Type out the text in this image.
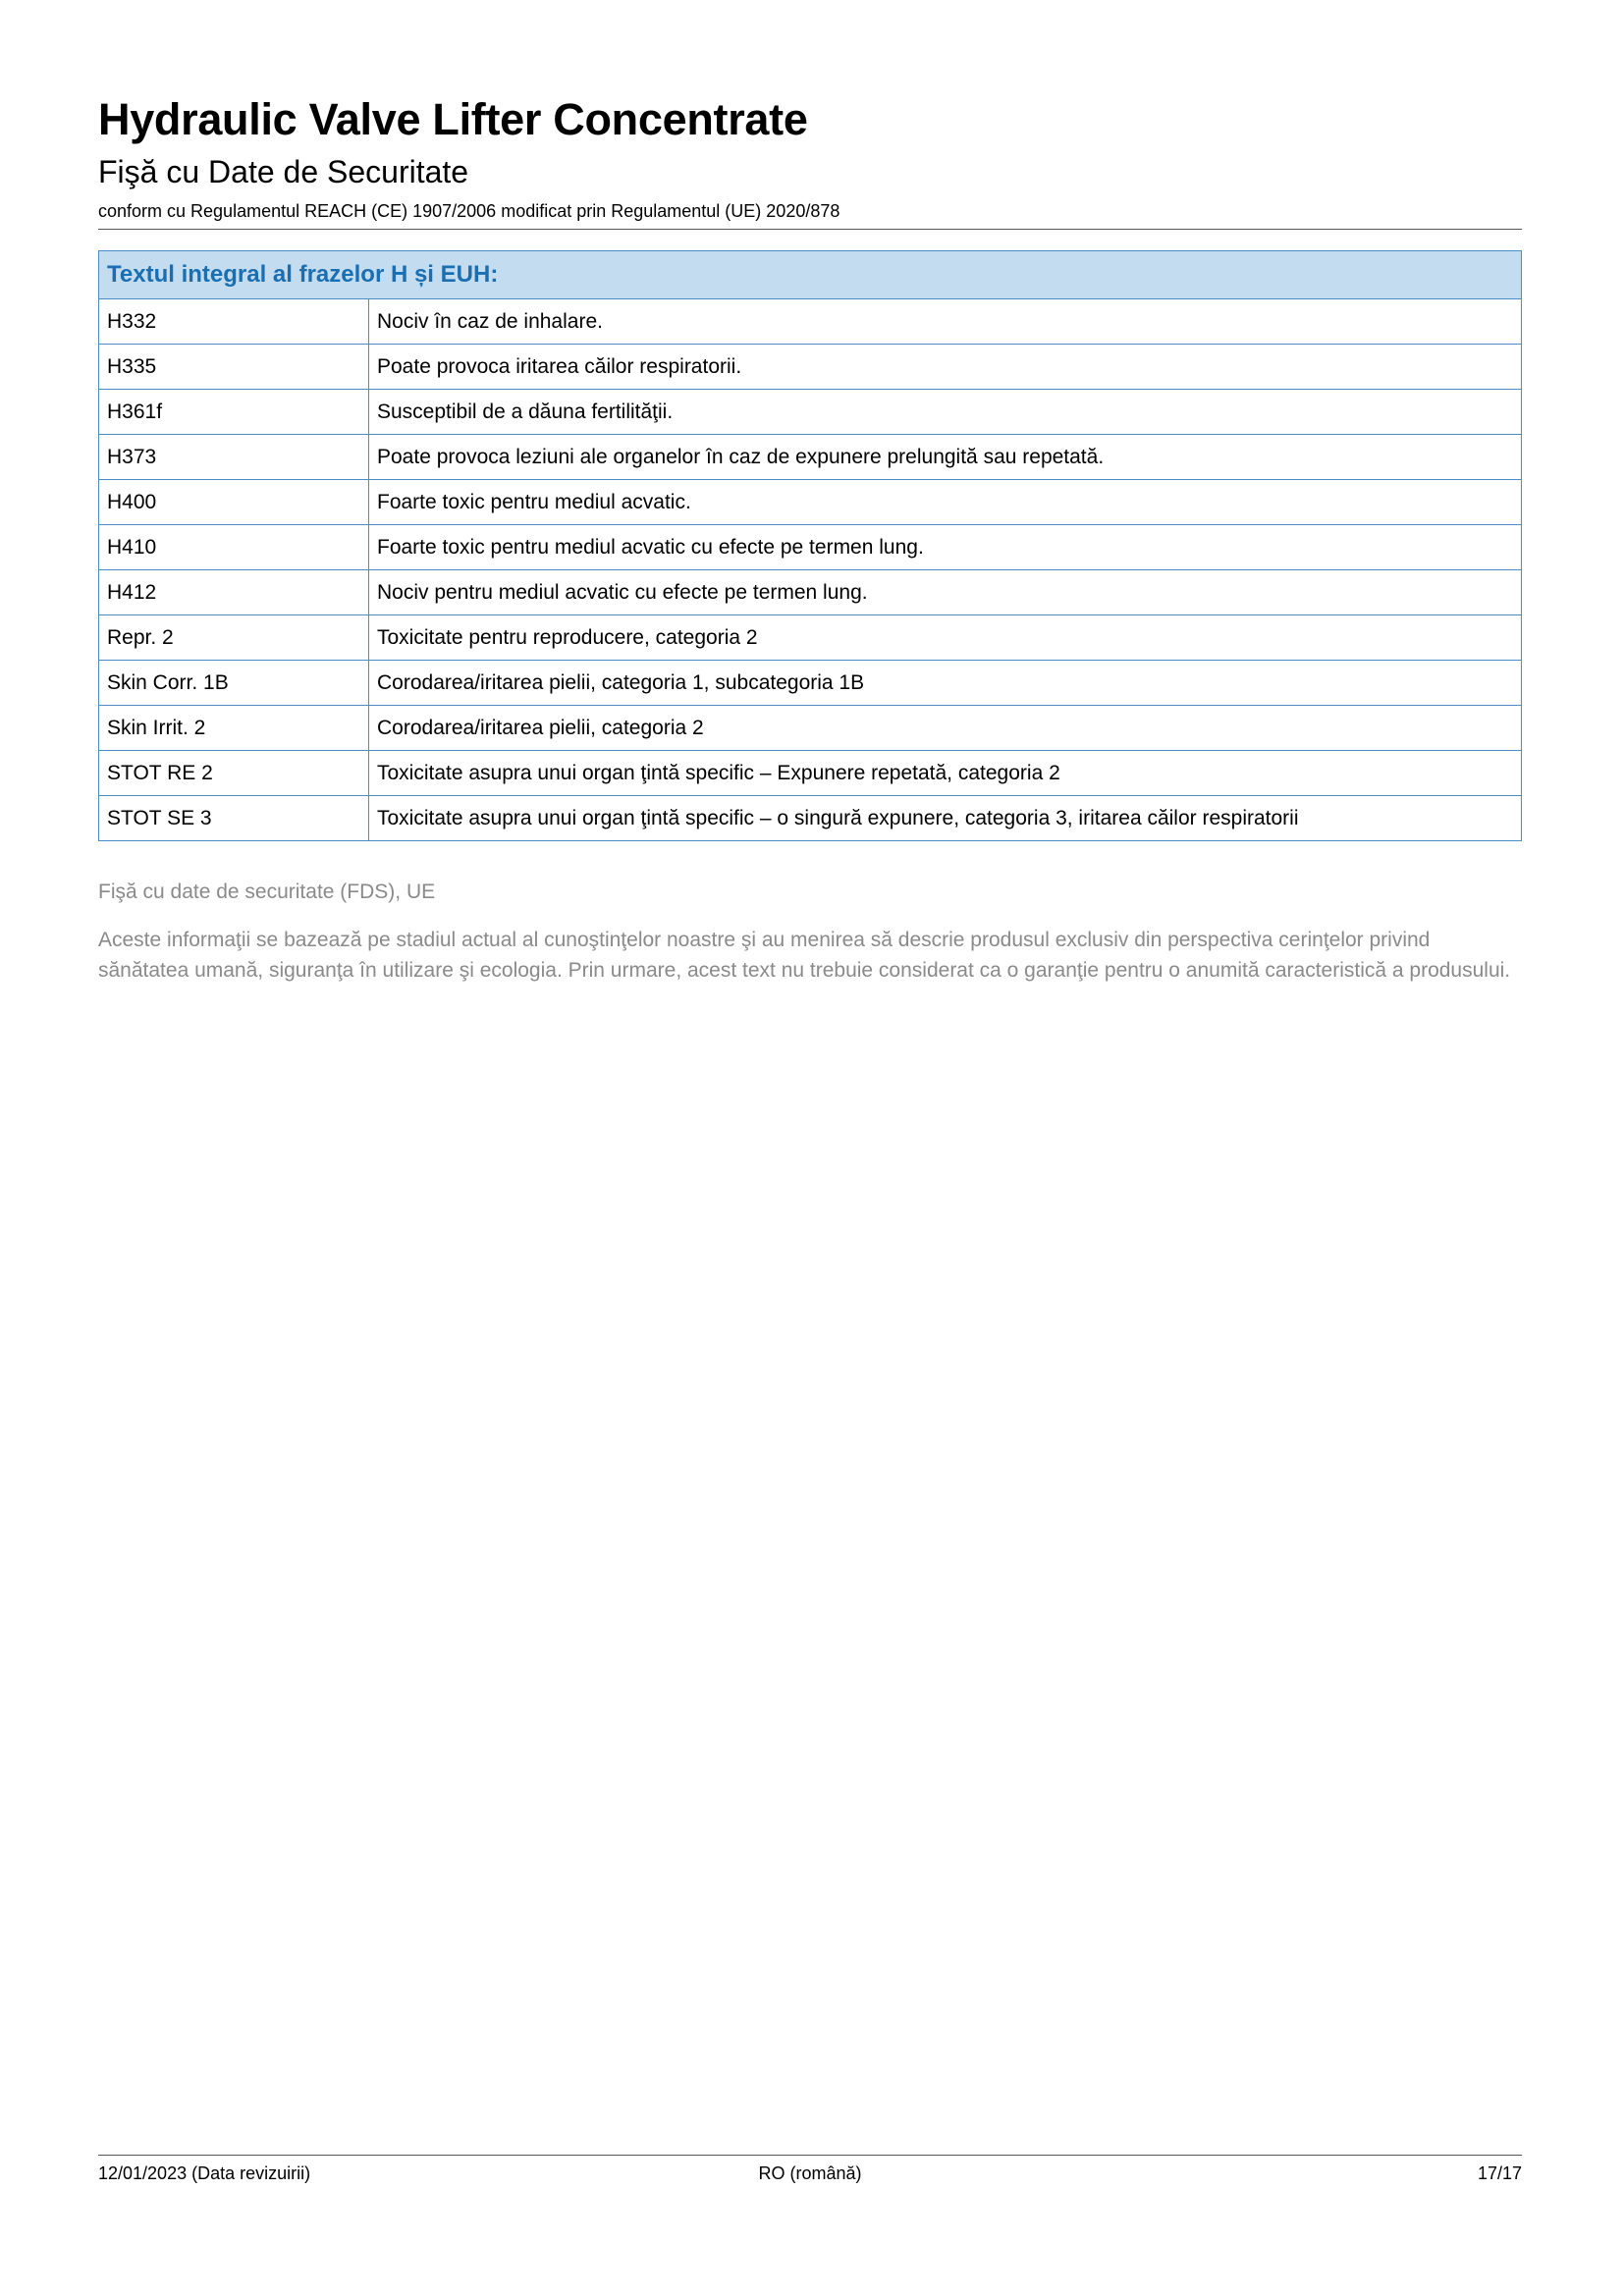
Hydraulic Valve Lifter Concentrate
Fişă cu Date de Securitate
conform cu Regulamentul REACH (CE) 1907/2006 modificat prin Regulamentul (UE) 2020/878
Textul integral al frazelor H și EUH:	
H332	Nociv în caz de inhalare.
H335	Poate provoca iritarea căilor respiratorii.
H361f	Susceptibil de a dăuna fertilităţii.
H373	Poate provoca leziuni ale organelor în caz de expunere prelungită sau repetată.
H400	Foarte toxic pentru mediul acvatic.
H410	Foarte toxic pentru mediul acvatic cu efecte pe termen lung.
H412	Nociv pentru mediul acvatic cu efecte pe termen lung.
Repr. 2	Toxicitate pentru reproducere, categoria 2
Skin Corr. 1B	Corodarea/iritarea pielii, categoria 1, subcategoria 1B
Skin Irrit. 2	Corodarea/iritarea pielii, categoria 2
STOT RE 2	Toxicitate asupra unui organ ţintă specific – Expunere repetată, categoria 2
STOT SE 3	Toxicitate asupra unui organ ţintă specific – o singură expunere, categoria 3, iritarea căilor respiratorii
Fişă cu date de securitate (FDS), UE
Aceste informaţii se bazează pe stadiul actual al cunoştinţelor noastre şi au menirea să descrie produsul exclusiv din perspectiva cerinţelor privind sănătatea umană, siguranţa în utilizare şi ecologia. Prin urmare, acest text nu trebuie considerat ca o garanţie pentru o anumită caracteristică a produsului.
12/01/2023 (Data revizuirii)	RO (română)	17/17
